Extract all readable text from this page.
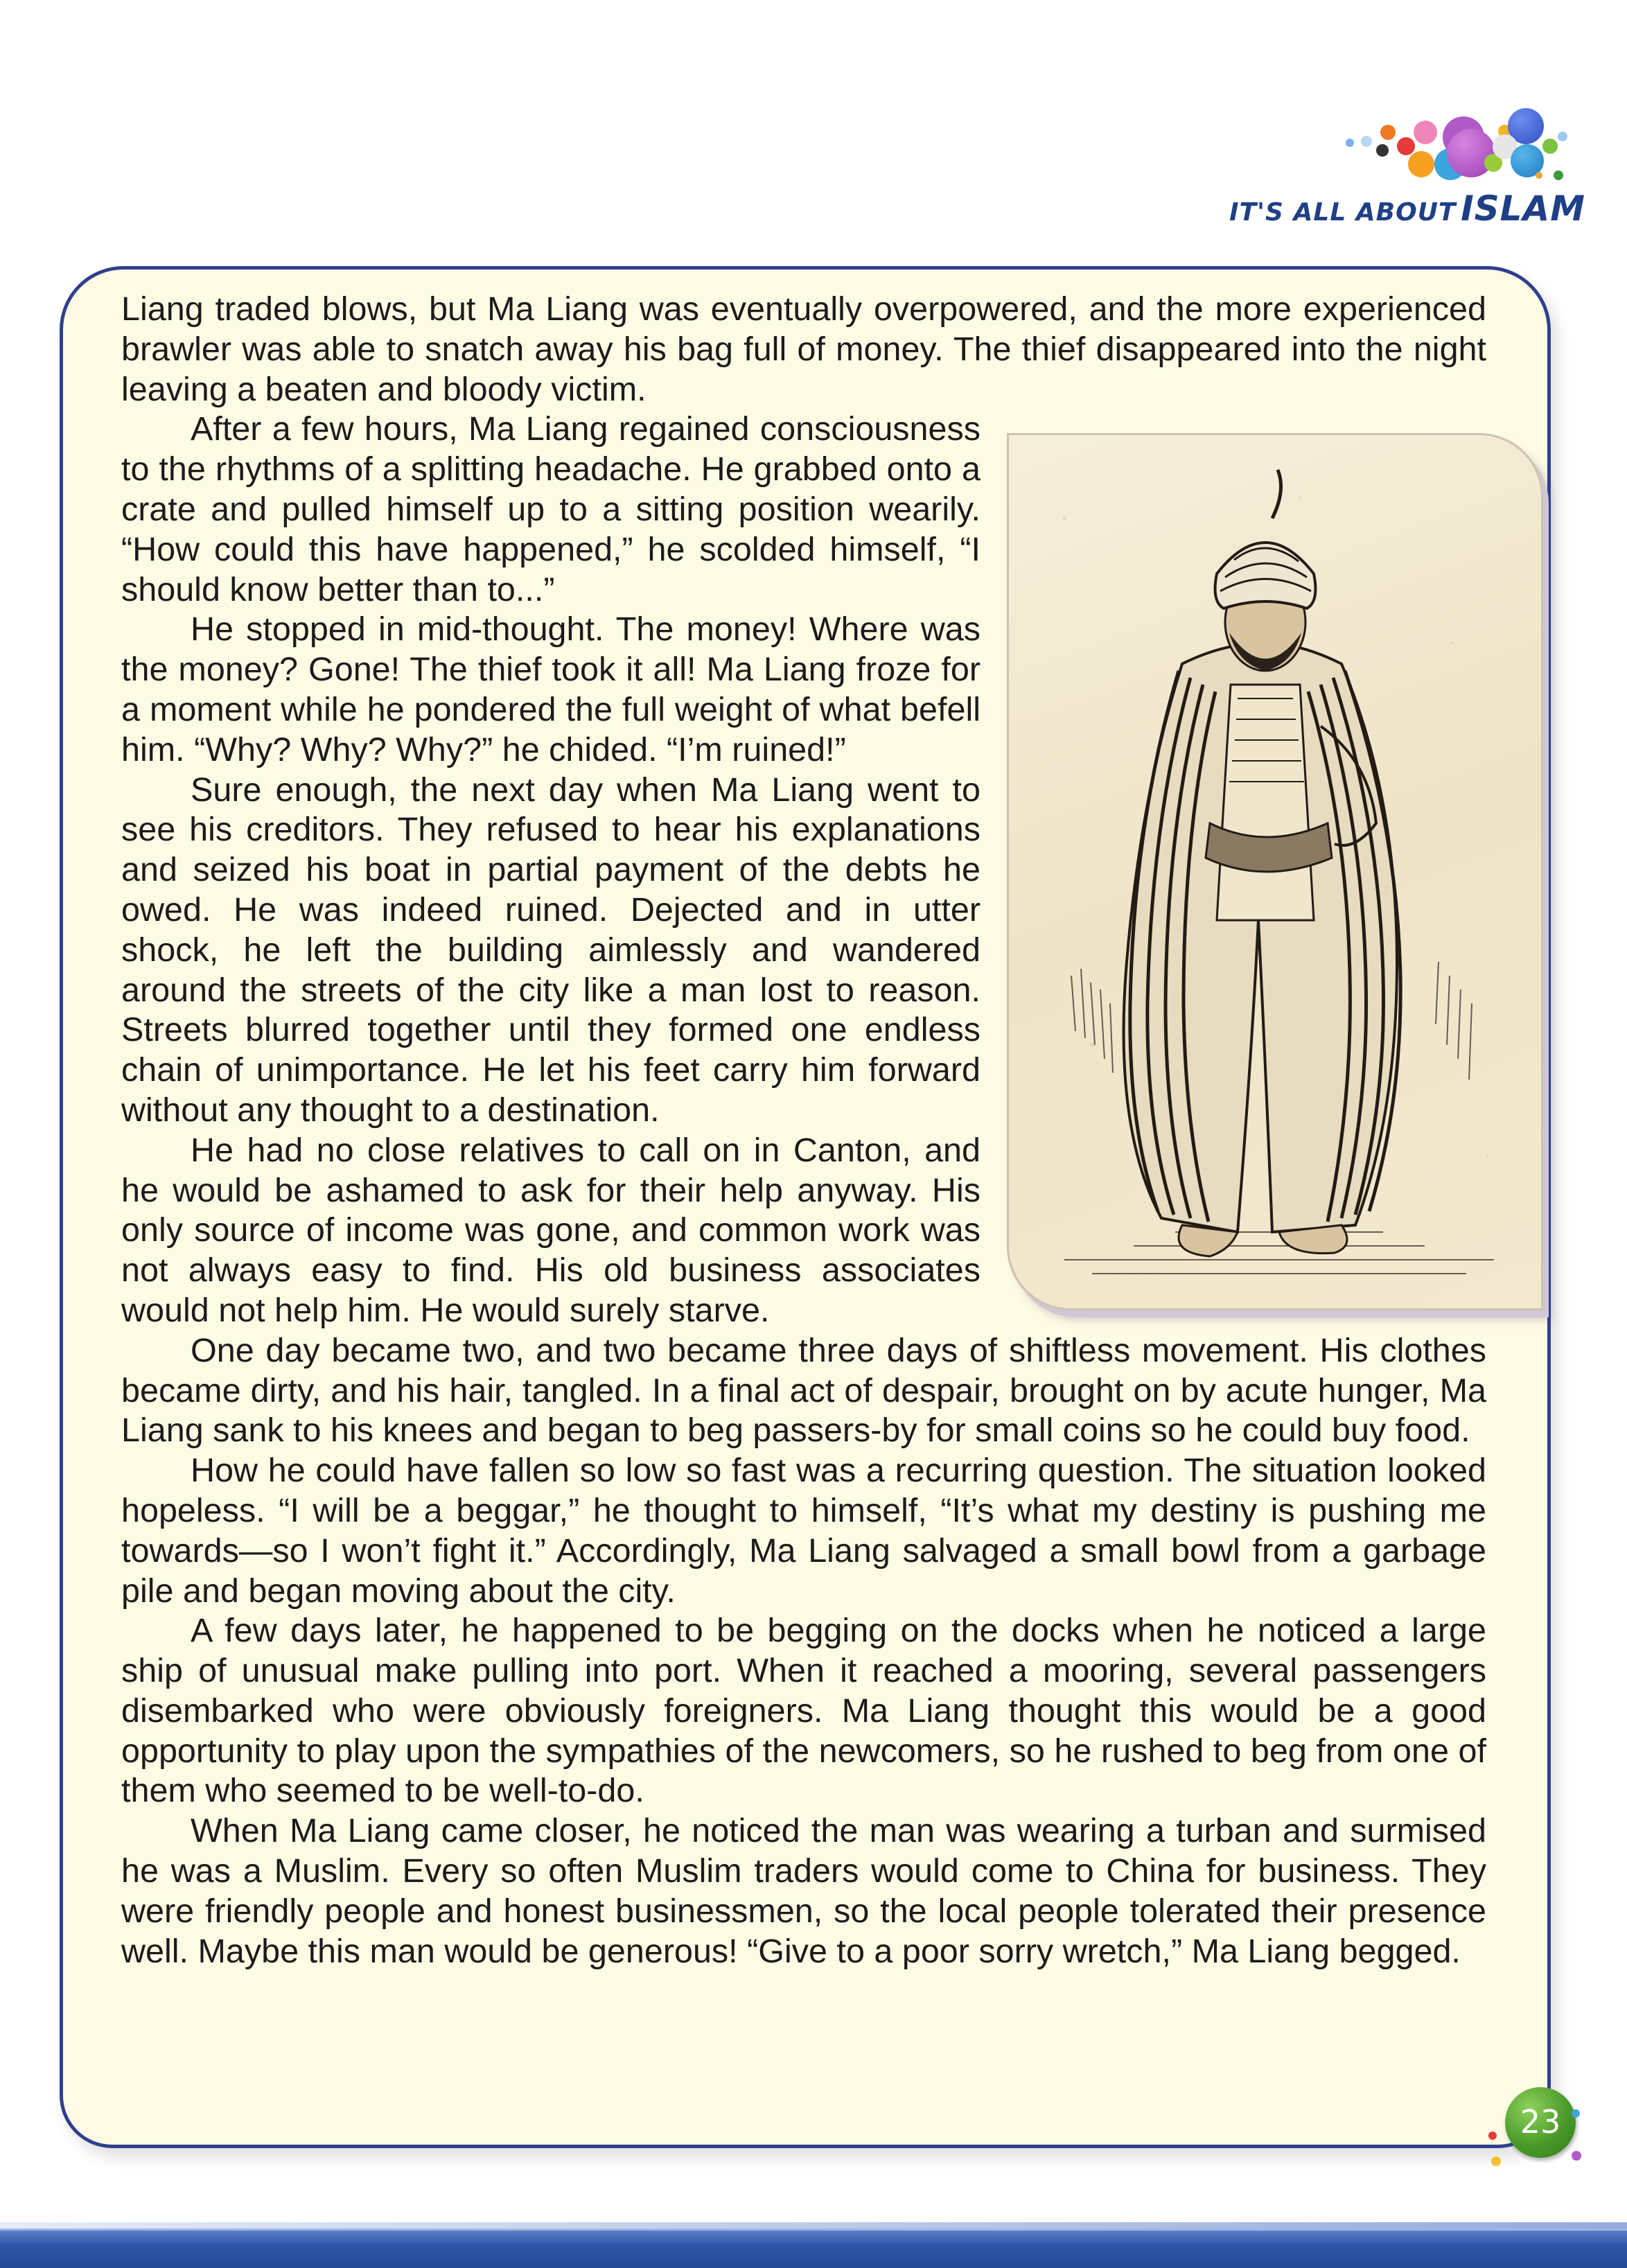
IT'S ALL ABOUT ISLAM

Liang traded blows, but Ma Liang was eventually overpowered, and the more experienced brawler was able to snatch away his bag full of money. The thief disappeared into the night leaving a beaten and bloody victim.

After a few hours, Ma Liang regained consciousness to the rhythms of a splitting headache. He grabbed onto a crate and pulled himself up to a sitting position wearily. “How could this have happened,” he scolded himself, “I should know better than to...”

He stopped in mid-thought. The money! Where was the money? Gone! The thief took it all! Ma Liang froze for a moment while he pondered the full weight of what befell him. “Why? Why? Why?” he chided. “I’m ruined!”

Sure enough, the next day when Ma Liang went to see his creditors. They refused to hear his explanations and seized his boat in partial payment of the debts he owed. He was indeed ruined. Dejected and in utter shock, he left the building aimlessly and wandered around the streets of the city like a man lost to reason. Streets blurred together until they formed one endless chain of unimportance. He let his feet carry him forward without any thought to a destination.

He had no close relatives to call on in Canton, and he would be ashamed to ask for their help anyway. His only source of income was gone, and common work was not always easy to find. His old business associates would not help him. He would surely starve.

One day became two, and two became three days of shiftless movement. His clothes became dirty, and his hair, tangled. In a final act of despair, brought on by acute hunger, Ma Liang sank to his knees and began to beg passers-by for small coins so he could buy food.

How he could have fallen so low so fast was a recurring question. The situation looked hopeless. “I will be a beggar,” he thought to himself, “It’s what my destiny is pushing me towards—so I won’t fight it.” Accordingly, Ma Liang salvaged a small bowl from a garbage pile and began moving about the city.

A few days later, he happened to be begging on the docks when he noticed a large ship of unusual make pulling into port. When it reached a mooring, several passengers disembarked who were obviously foreigners. Ma Liang thought this would be a good opportunity to play upon the sympathies of the newcomers, so he rushed to beg from one of them who seemed to be well-to-do.

When Ma Liang came closer, he noticed the man was wearing a turban and surmised he was a Muslim. Every so often Muslim traders would come to China for business. They were friendly people and honest businessmen, so the local people tolerated their presence well. Maybe this man would be generous! “Give to a poor sorry wretch,” Ma Liang begged.

23
